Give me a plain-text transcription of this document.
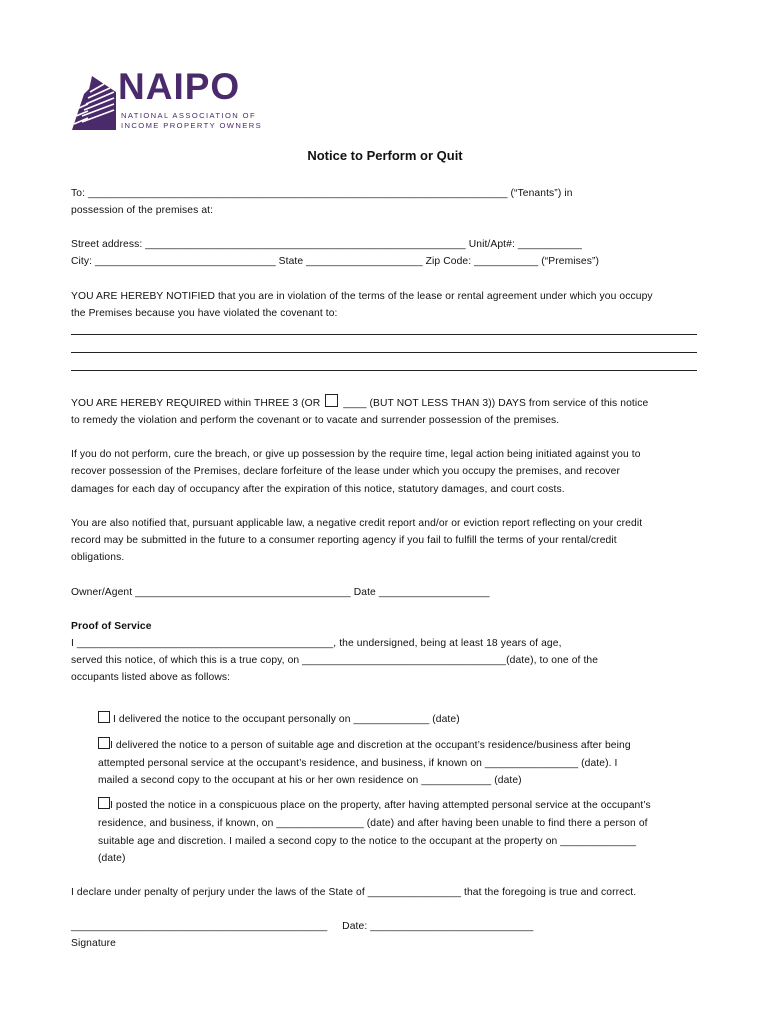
NAIPO
NATIONAL ASSOCIATION OF
INCOME PROPERTY OWNERS
Notice to Perform or Quit
To: ________________________________________________________________________ (“Tenants”) in
possession of the premises at:
Street address: _______________________________________________________ Unit/Apt#: ___________
City: _______________________________ State ____________________ Zip Code: ___________ (“Premises”)
YOU ARE HEREBY NOTIFIED that you are in violation of the terms of the lease or rental agreement under which you occupy
the Premises because you have violated the covenant to:
YOU ARE HEREBY REQUIRED within THREE 3 (OR ____ (BUT NOT LESS THAN 3)) DAYS from service of this notice
to remedy the violation and perform the covenant or to vacate and surrender possession of the premises.
If you do not perform, cure the breach, or give up possession by the require time, legal action being initiated against you to
recover possession of the Premises, declare forfeiture of the lease under which you occupy the premises, and recover
damages for each day of occupancy after the expiration of this notice, statutory damages, and court costs.
You are also notified that, pursuant applicable law, a negative credit report and/or or eviction report reflecting on your credit
record may be submitted in the future to a consumer reporting agency if you fail to fulfill the terms of your rental/credit
obligations.
Owner/Agent _____________________________________ Date ___________________
Proof of Service
I ____________________________________________, the undersigned, being at least 18 years of age,
served this notice, of which this is a true copy, on ___________________________________(date), to one of the
occupants listed above as follows:
I delivered the notice to the occupant personally on _____________ (date)
I delivered the notice to a person of suitable age and discretion at the occupant’s residence/business after being
attempted personal service at the occupant’s residence, and business, if known on ________________ (date). I
mailed a second copy to the occupant at his or her own residence on ____________ (date)
I posted the notice in a conspicuous place on the property, after having attempted personal service at the occupant’s
residence, and business, if known, on _______________ (date) and after having been unable to find there a person of
suitable age and discretion. I mailed a second copy to the notice to the occupant at the property on _____________
(date)
I declare under penalty of perjury under the laws of the State of ________________ that the foregoing is true and correct.
____________________________________________     Date: ____________________________
Signature
